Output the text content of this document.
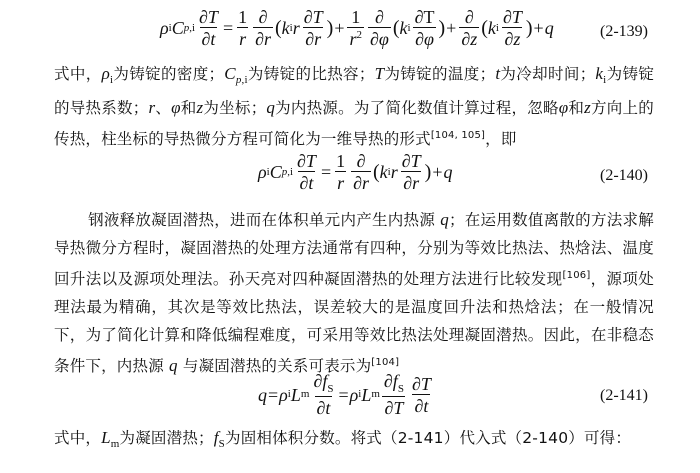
ρ i C p $,i \frac{\partial T}{\partial t} = \frac{1}{r} \frac{\partial}{\partial r}$ ( k i r $\frac{\partial T}{\partial r}$ ) + $\frac{1}{r^2} \frac{\partial}{\partial\varphi}$ ( k i $\frac{\partial T}{\partial\varphi}$ ) + $\frac{\partial}{\partial z}$ ( k i $\frac{\partial T}{\partial z}$ ) + q	(2-139)
式中，$\rho_i$为铸锭的密度；$C_{p,i}$为铸锭的比热容；T为铸锭的温度；t为冷却时间；$k_i$为铸锭的导热系数；r、φ和z为坐标；q为内热源。为了简化数值计算过程，忽略φ和z方向上的传热，柱坐标的导热微分方程可简化为一维导热的形式[104, 105]，即
ρ i C p $,i \frac{\partial T}{\partial t} = \frac{1}{r} \frac{\partial}{\partial r}$ ( k i r $\frac{\partial T}{\partial r}$ ) + q	(2-140)
钢液释放凝固潜热，进而在体积单元内产生内热源 q；在运用数值离散的方法求解导热微分方程时，凝固潜热的处理方法通常有四种，分别为等效比热法、热焓法、温度回升法以及源项处理法。孙天亮对四种凝固潜热的处理方法进行比较发现[106]，源项处理法最为精确，其次是等效比热法，误差较大的是温度回升法和热焓法；在一般情况下，为了简化计算和降低编程难度，可采用等效比热法处理凝固潜热。因此，在非稳态条件下，内热源 q 与凝固潜热的关系可表示为[104]
q = ρ i L m $\frac{\partial f_S}{\partial t} = \rho$ i L m $\frac{\partial f_S}{\partial T} \frac{\partial T}{\partial t}$	(2-141)
式中，$L_m$为凝固潜热；$f_S$为固相体积分数。将式（2-141）代入式（2-140）可得：
